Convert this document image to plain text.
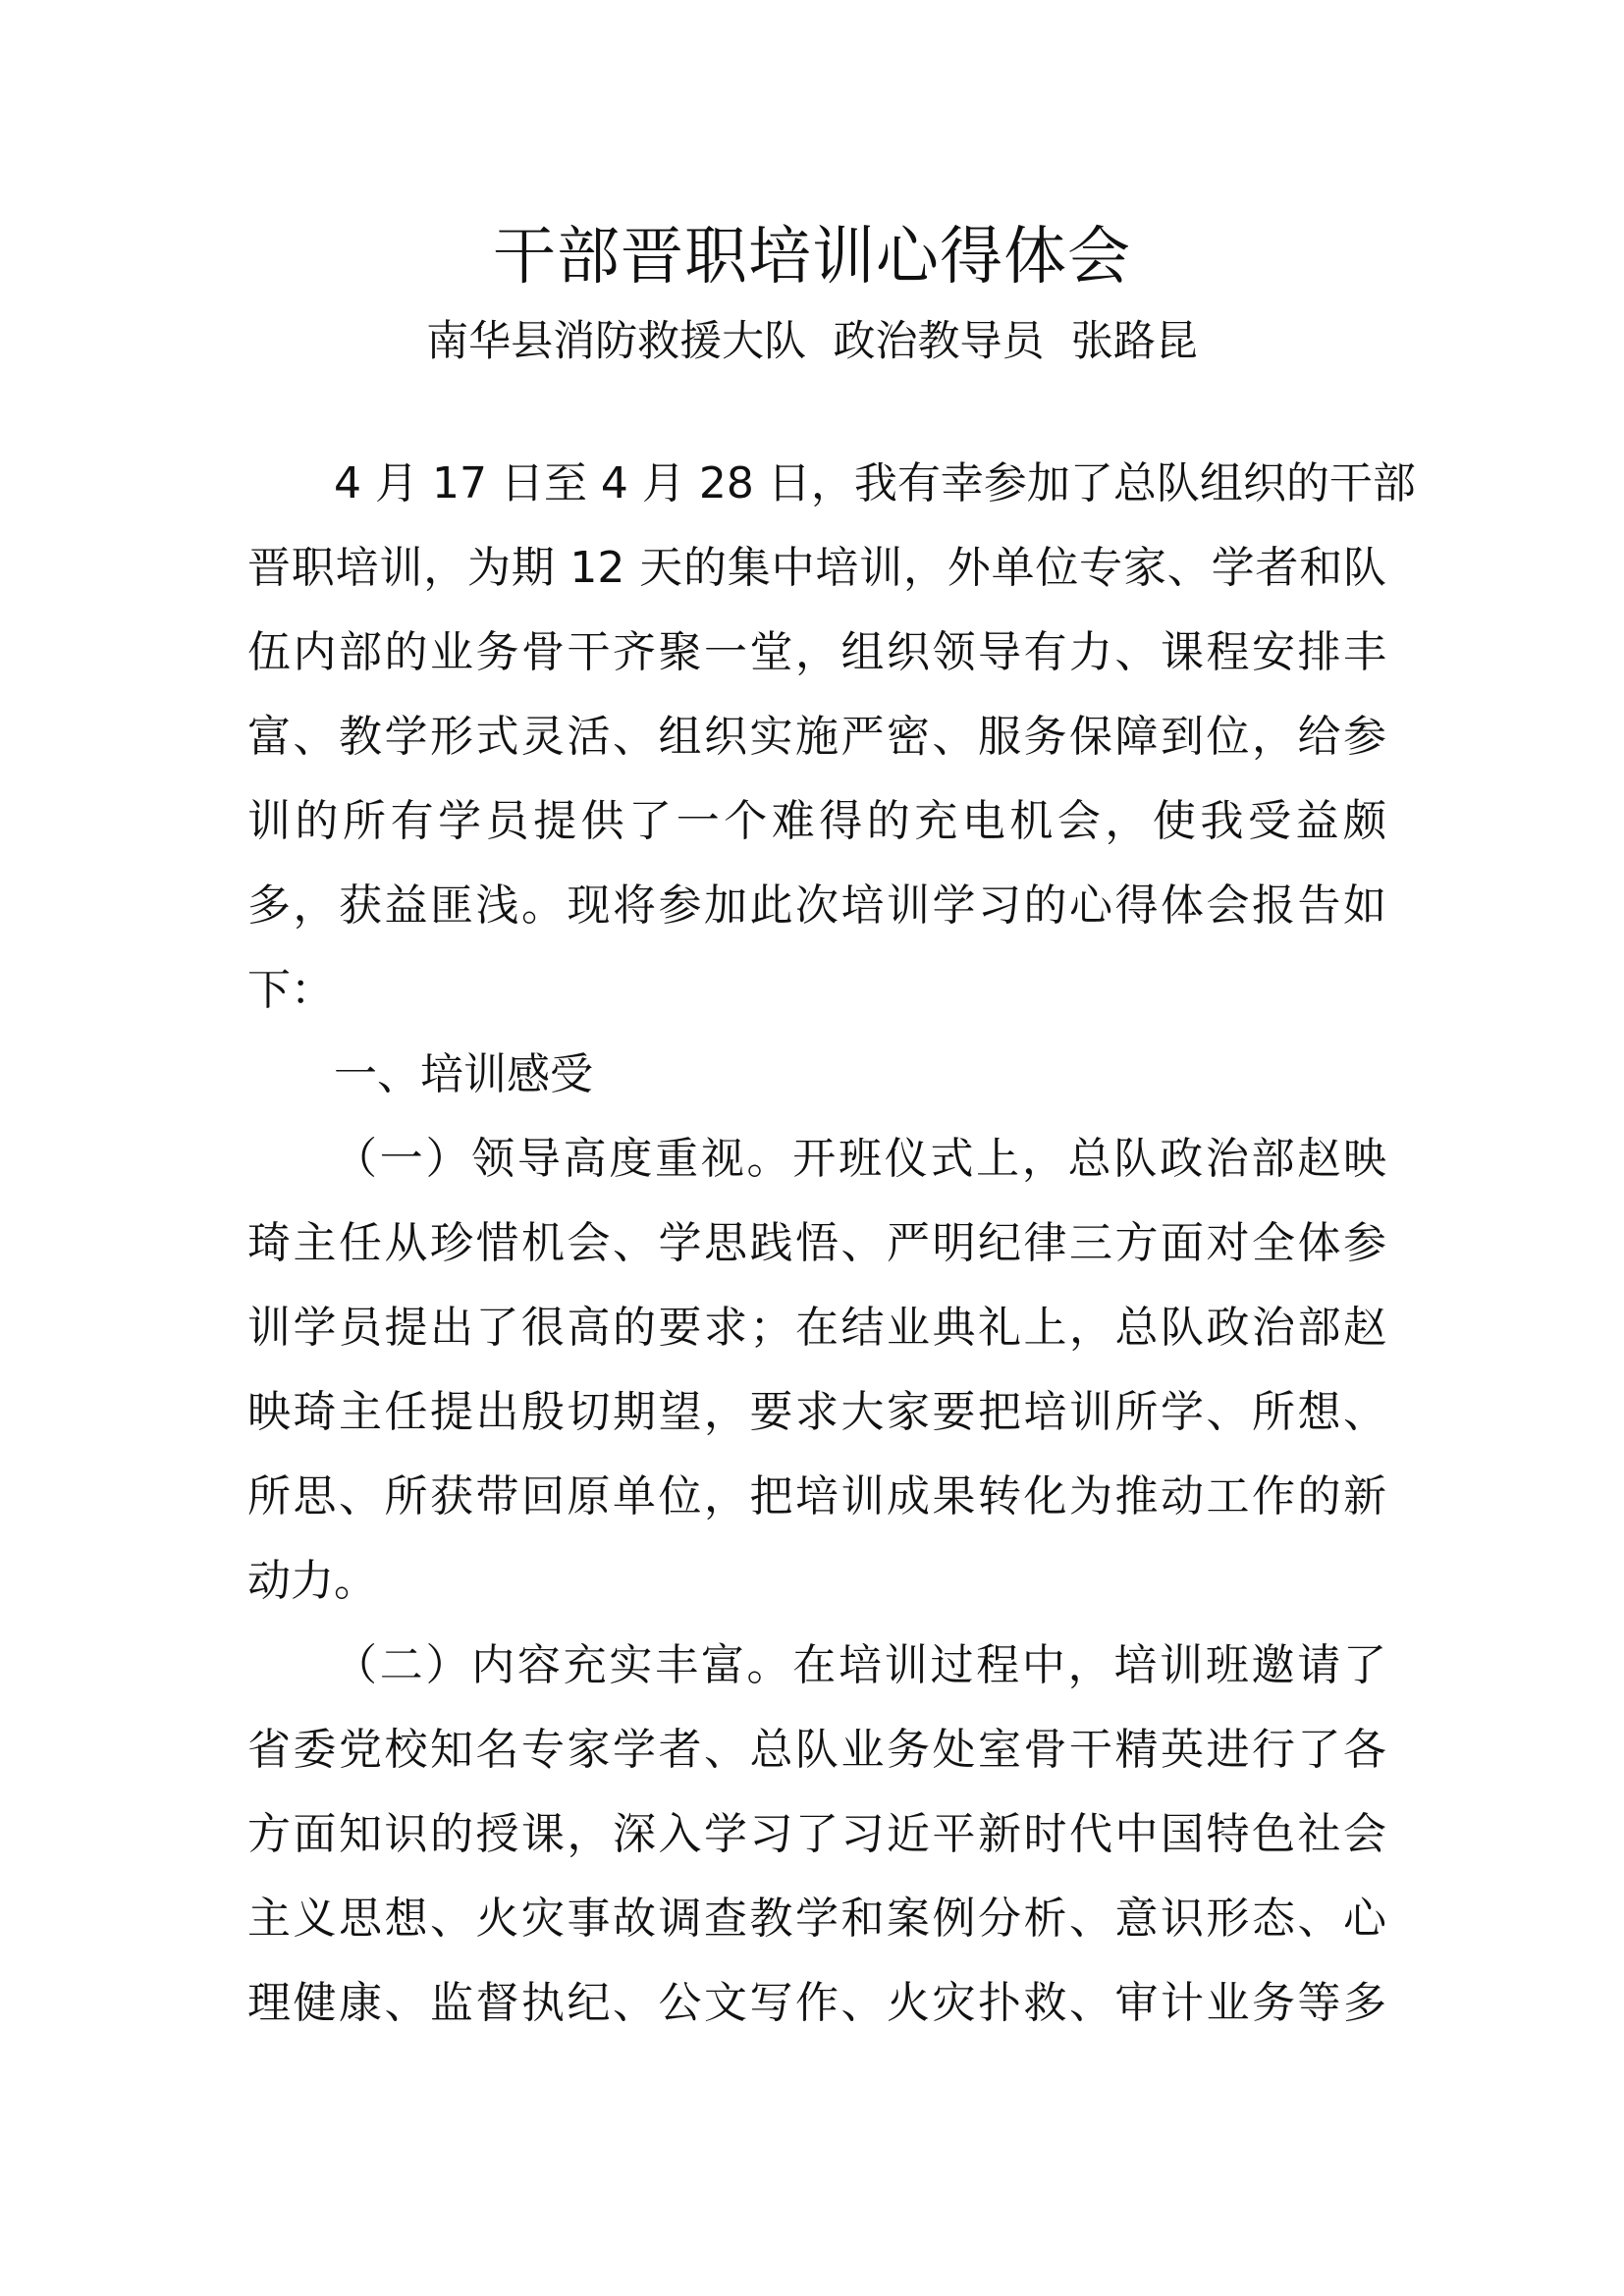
干部晋职培训心得体会
南华县消防救援大队  政治教导员  张路昆
4 月 17 日至 4 月 28 日，我有幸参加了总队组织的干部
晋职培训，为期 12 天的集中培训，外单位专家、学者和队
伍内部的业务骨干齐聚一堂，组织领导有力、课程安排丰
富、教学形式灵活、组织实施严密、服务保障到位，给参
训的所有学员提供了一个难得的充电机会，使我受益颇
多，获益匪浅。现将参加此次培训学习的心得体会报告如
下：
一、培训感受
（一）领导高度重视。开班仪式上，总队政治部赵映
琦主任从珍惜机会、学思践悟、严明纪律三方面对全体参
训学员提出了很高的要求；在结业典礼上，总队政治部赵
映琦主任提出殷切期望，要求大家要把培训所学、所想、
所思、所获带回原单位，把培训成果转化为推动工作的新
动力。
（二）内容充实丰富。在培训过程中，培训班邀请了
省委党校知名专家学者、总队业务处室骨干精英进行了各
方面知识的授课，深入学习了习近平新时代中国特色社会
主义思想、火灾事故调查教学和案例分析、意识形态、心
理健康、监督执纪、公文写作、火灾扑救、审计业务等多
